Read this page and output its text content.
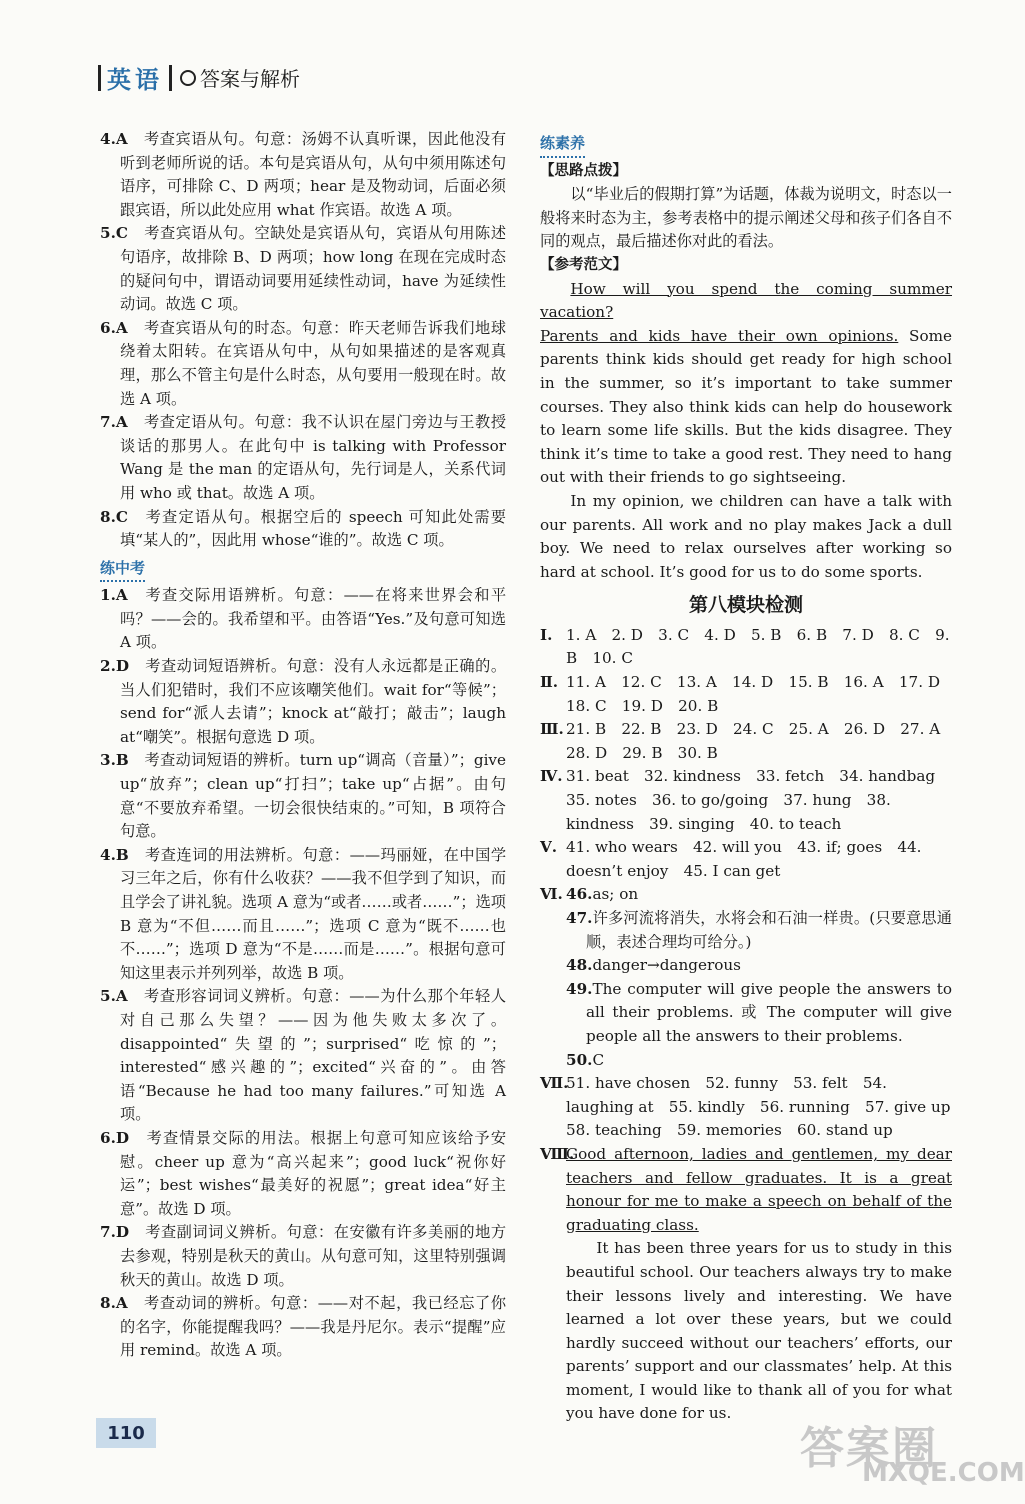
英语 答案与解析
4.A　考查宾语从句。句意：汤姆不认真听课，因此他没有听到老师所说的话。本句是宾语从句，从句中须用陈述句语序，可排除 C、D 两项；hear 是及物动词，后面必须跟宾语，所以此处应用 what 作宾语。故选 A 项。
5.C　考查宾语从句。空缺处是宾语从句，宾语从句用陈述句语序，故排除 B、D 两项；how long 在现在完成时态的疑问句中，谓语动词要用延续性动词，have 为延续性动词。故选 C 项。
6.A　考查宾语从句的时态。句意：昨天老师告诉我们地球绕着太阳转。在宾语从句中，从句如果描述的是客观真理，那么不管主句是什么时态，从句要用一般现在时。故选 A 项。
7.A　考查定语从句。句意：我不认识在屋门旁边与王教授谈话的那男人。在此句中 is talking with Professor Wang 是 the man 的定语从句，先行词是人，关系代词用 who 或 that。故选 A 项。
8.C　考查定语从句。根据空后的 speech 可知此处需要填“某人的”，因此用 whose“谁的”。故选 C 项。
练中考
1.A　考查交际用语辨析。句意：——在将来世界会和平吗？——会的。我希望和平。由答语“Yes.”及句意可知选 A 项。
2.D　考查动词短语辨析。句意：没有人永远都是正确的。当人们犯错时，我们不应该嘲笑他们。wait for“等候”；send for“派人去请”；knock at“敲打；敲击”；laugh at“嘲笑”。根据句意选 D 项。
3.B　考查动词短语的辨析。turn up“调高（音量）”；give up“放弃”；clean up“打扫”；take up“占据”。由句意“不要放弃希望。一切会很快结束的。”可知，B 项符合句意。
4.B　考查连词的用法辨析。句意：——玛丽娅，在中国学习三年之后，你有什么收获？——我不但学到了知识，而且学会了讲礼貌。选项 A 意为“或者……或者……”；选项 B 意为“不但……而且……”；选项 C 意为“既不……也不……”；选项 D 意为“不是……而是……”。根据句意可知这里表示并列列举，故选 B 项。
5.A　考查形容词词义辨析。句意：——为什么那个年轻人对自己那么失望？——因为他失败太多次了。disappointed“失望的”；surprised“吃惊的”；interested“感兴趣的”；excited“兴奋的”。由答语“Because he had too many failures.”可知选 A 项。
6.D　考查情景交际的用法。根据上句意可知应该给予安慰。cheer up 意为“高兴起来”；good luck“祝你好运”；best wishes“最美好的祝愿”；great idea“好主意”。故选 D 项。
7.D　考查副词词义辨析。句意：在安徽有许多美丽的地方去参观，特别是秋天的黄山。从句意可知，这里特别强调秋天的黄山。故选 D 项。
8.A　考查动词的辨析。句意：——对不起，我已经忘了你的名字，你能提醒我吗？——我是丹尼尔。表示“提醒”应用 remind。故选 A 项。
练素养
【思路点拨】
以“毕业后的假期打算”为话题，体裁为说明文，时态以一般将来时态为主，参考表格中的提示阐述父母和孩子们各自不同的观点，最后描述你对此的看法。
【参考范文】
How will you spend the coming summer vacation?
Parents and kids have their own opinions. Some parents think kids should get ready for high school in the summer, so it’s important to take summer courses. They also think kids can help do housework to learn some life skills. But the kids disagree. They think it’s time to take a good rest. They need to hang out with their friends to go sightseeing.
In my opinion, we children can have a talk with our parents. All work and no play makes Jack a dull boy. We need to relax ourselves after working so hard at school. It’s good for us to do some sports.
第八模块检测
Ⅰ. 1. A　2. D　3. C　4. D　5. B　6. B　7. D　8. C　9. B　10. C
Ⅱ. 11. A　12. C　13. A　14. D　15. B　16. A　17. D　18. C　19. D　20. B
Ⅲ. 21. B　22. B　23. D　24. C　25. A　26. D　27. A　28. D　29. B　30. B
Ⅳ. 31. beat　32. kindness　33. fetch　34. handbag　35. notes　36. to go/going　37. hung　38. kindness　39. singing　40. to teach
Ⅴ. 41. who wears　42. will you　43. if; goes　44. doesn’t enjoy　45. I can get
Ⅵ. 46.as; on
47.许多河流将消失，水将会和石油一样贵。(只要意思通顺，表述合理均可给分。)
48.danger→dangerous
49.The computer will give people the answers to all their problems. 或 The computer will give people all the answers to their problems.
50.C
Ⅶ.
51. have chosen　52. funny　53. felt　54. laughing at　55. kindly　56. running　57. give up　58. teaching　59. memories　60. stand up
Ⅷ.
Good afternoon, ladies and gentlemen, my dear teachers and fellow graduates. It is a great honour for me to make a speech on behalf of the graduating class.
It has been three years for us to study in this beautiful school. Our teachers always try to make their lessons lively and interesting. We have learned a lot over these years, but we could hardly succeed without our teachers’ efforts, our parents’ support and our classmates’ help. At this moment, I would like to thank all of you for what you have done for us.
110	答案圈
MXQE.COM
